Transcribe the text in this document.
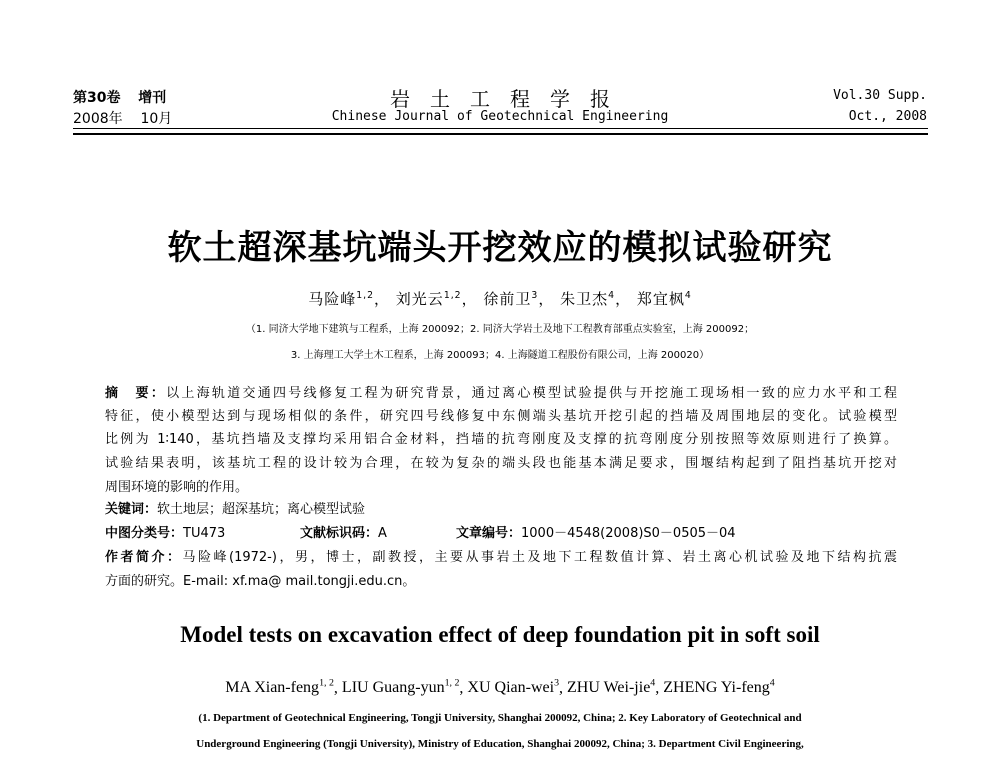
第30卷 增刊
2008年 10月
岩　土　工　程　学　报
Chinese Journal of Geotechnical Engineering
Vol.30 Supp.
Oct., 2008
软土超深基坑端头开挖效应的模拟试验研究
马险峰$^{1,2}$， 刘光云$^{1,2}$， 徐前卫$^3$， 朱卫杰$^4$， 郑宜枫$^4$
（1. 同济大学地下建筑与工程系，上海 200092；2. 同济大学岩土及地下工程教育部重点实验室，上海 200092；
3. 上海理工大学土木工程系，上海 200093；4. 上海隧道工程股份有限公司，上海 200020）
摘　要：以上海轨道交通四号线修复工程为研究背景，通过离心模型试验提供与开挖施工现场相一致的应力水平和工程
特征，使小模型达到与现场相似的条件，研究四号线修复中东侧端头基坑开挖引起的挡墙及周围地层的变化。试验模型
比例为 1∶140，基坑挡墙及支撑均采用铝合金材料，挡墙的抗弯刚度及支撑的抗弯刚度分别按照等效原则进行了换算。
试验结果表明，该基坑工程的设计较为合理，在较为复杂的端头段也能基本满足要求，围堰结构起到了阻挡基坑开挖对
周围环境的影响的作用。
关键词：软土地层；超深基坑；离心模型试验
中图分类号：TU473	文献标识码：A	文章编号：1000－4548(2008)S0－0505－04
作者简介：马险峰(1972-)，男，博士，副教授，主要从事岩土及地下工程数值计算、岩土离心机试验及地下结构抗震
方面的研究。E-mail: xf.ma@ mail.tongji.edu.cn。
Model tests on excavation effect of deep foundation pit in soft soil
MA Xian-feng$^{1, 2}$, LIU Guang-yun$^{1, 2}$, XU Qian-wei$^3$, ZHU Wei-jie$^4$, ZHENG Yi-feng$^4$
(1. Department of Geotechnical Engineering, Tongji University, Shanghai 200092, China; 2. Key Laboratory of Geotechnical and
Underground Engineering (Tongji University), Ministry of Education, Shanghai 200092, China; 3. Department Civil Engineering,
